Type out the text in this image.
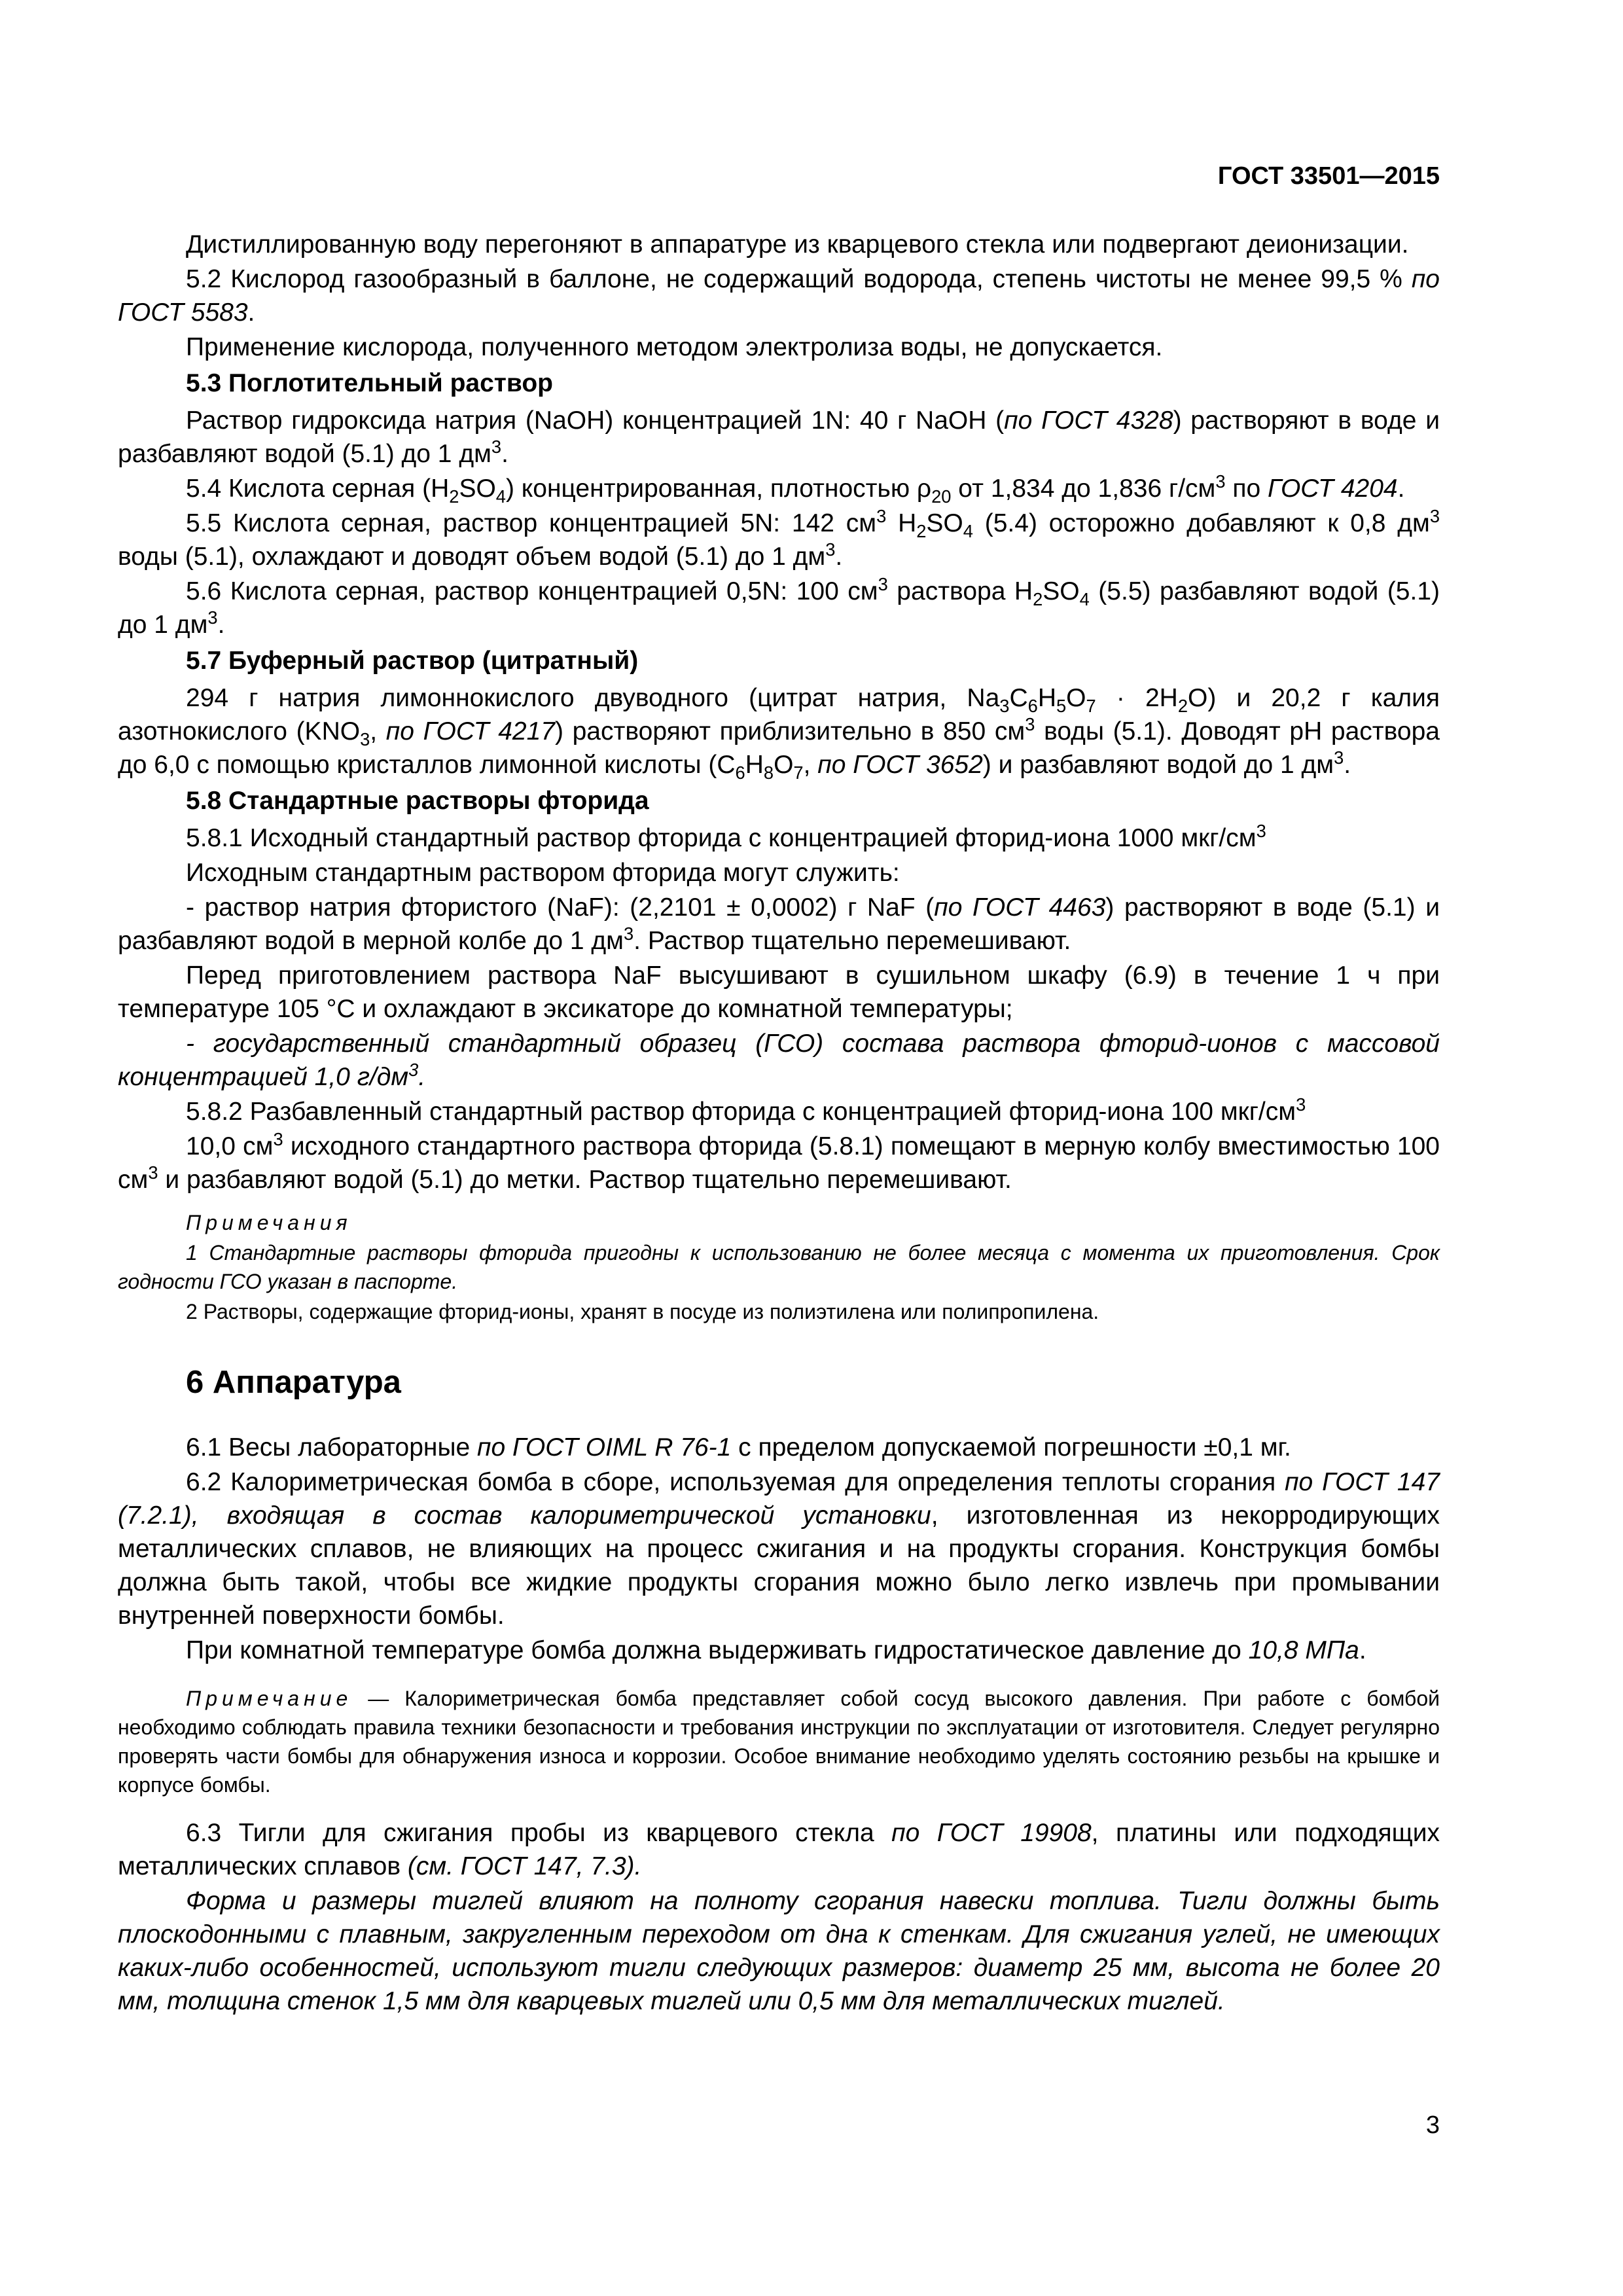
ГОСТ 33501—2015

Дистиллированную воду перегоняют в аппаратуре из кварцевого стекла или подвергают деионизации.

5.2 Кислород газообразный в баллоне, не содержащий водорода, степень чистоты не менее 99,5 % по ГОСТ 5583.

Применение кислорода, полученного методом электролиза воды, не допускается.

5.3 Поглотительный раствор

Раствор гидроксида натрия (NaOH) концентрацией 1N: 40 г NaOH (по ГОСТ 4328) растворяют в воде и разбавляют водой (5.1) до 1 $дм^3$.

5.4 Кислота серная $(H_2SO_4)$ концентрированная, плотностью $\rho_{20}$ от 1,834 до 1,836 $г/см^3$ по ГОСТ 4204.

5.5 Кислота серная, раствор концентрацией 5N: 142 $см^3$ $H_2SO_4$ (5.4) осторожно добавляют к 0,8 $дм^3$ воды (5.1), охлаждают и доводят объем водой (5.1) до 1 $дм^3$.

5.6 Кислота серная, раствор концентрацией 0,5N: 100 $см^3$ раствора $H_2SO_4$ (5.5) разбавляют водой (5.1) до 1 $дм^3$.

5.7 Буферный раствор (цитратный)

294 г натрия лимоннокислого двуводного (цитрат натрия, $Na_3C_6H_5O_7 \cdot 2H_2O$) и 20,2 г калия азотнокислого ($KNO_3$, по ГОСТ 4217) растворяют приблизительно в 850 $см^3$ воды (5.1). Доводят pH раствора до 6,0 с помощью кристаллов лимонной кислоты ($C_6H_8O_7$, по ГОСТ 3652) и разбавляют водой до 1 $дм^3$.

5.8 Стандартные растворы фторида

5.8.1 Исходный стандартный раствор фторида с концентрацией фторид-иона 1000 мкг/$см^3$

Исходным стандартным раствором фторида могут служить:

- раствор натрия фтористого (NaF): (2,2101 ± 0,0002) г NaF (по ГОСТ 4463) растворяют в воде (5.1) и разбавляют водой в мерной колбе до 1 $дм^3$. Раствор тщательно перемешивают.

Перед приготовлением раствора NaF высушивают в сушильном шкафу (6.9) в течение 1 ч при температуре 105 °С и охлаждают в эксикаторе до комнатной температуры;

- государственный стандартный образец (ГСО) состава раствора фторид-ионов с массовой концентрацией 1,0 $г/дм^3$.

5.8.2 Разбавленный стандартный раствор фторида с концентрацией фторид-иона 100 мкг/$см^3$

10,0 $см^3$ исходного стандартного раствора фторида (5.8.1) помещают в мерную колбу вместимостью 100 $см^3$ и разбавляют водой (5.1) до метки. Раствор тщательно перемешивают.

Примечания

1 Стандартные растворы фторида пригодны к использованию не более месяца с момента их приготовления. Срок годности ГСО указан в паспорте.

2 Растворы, содержащие фторид-ионы, хранят в посуде из полиэтилена или полипропилена.

6 Аппаратура

6.1 Весы лабораторные по ГОСТ OIML R 76-1 с пределом допускаемой погрешности ±0,1 мг.

6.2 Калориметрическая бомба в сборе, используемая для определения теплоты сгорания по ГОСТ 147 (7.2.1), входящая в состав калориметрической установки, изготовленная из некорродирующих металлических сплавов, не влияющих на процесс сжигания и на продукты сгорания. Конструкция бомбы должна быть такой, чтобы все жидкие продукты сгорания можно было легко извлечь при промывании внутренней поверхности бомбы.

При комнатной температуре бомба должна выдерживать гидростатическое давление до 10,8 МПа.

Примечание — Калориметрическая бомба представляет собой сосуд высокого давления. При работе с бомбой необходимо соблюдать правила техники безопасности и требования инструкции по эксплуатации от изготовителя. Следует регулярно проверять части бомбы для обнаружения износа и коррозии. Особое внимание необходимо уделять состоянию резьбы на крышке и корпусе бомбы.

6.3 Тигли для сжигания пробы из кварцевого стекла по ГОСТ 19908, платины или подходящих металлических сплавов (см. ГОСТ 147, 7.3).

Форма и размеры тиглей влияют на полноту сгорания навески топлива. Тигли должны быть плоскодонными с плавным, закругленным переходом от дна к стенкам. Для сжигания углей, не имеющих каких-либо особенностей, используют тигли следующих размеров: диаметр 25 мм, высота не более 20 мм, толщина стенок 1,5 мм для кварцевых тиглей или 0,5 мм для металлических тиглей.

3
